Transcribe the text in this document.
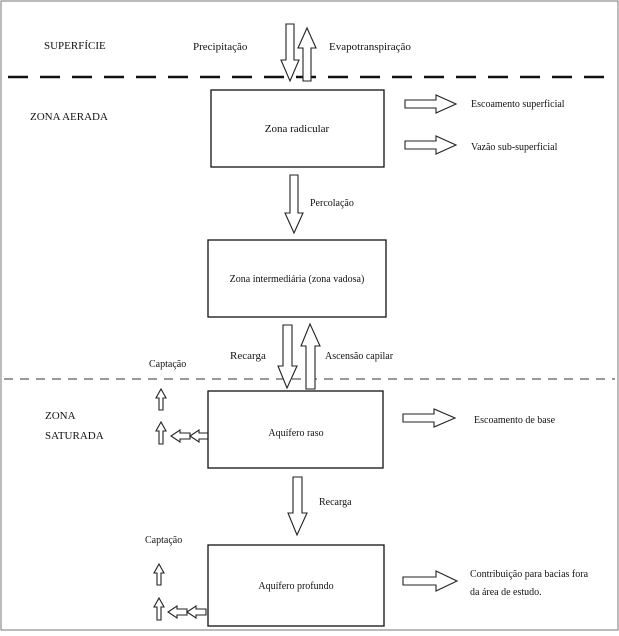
SUPERFÍCIE
ZONA AERADA
ZONA
SATURADA
Precipitação	Evapotranspiração
Zona radicular
Escoamento superficial
Vazão sub-superficial
Percolação
Zona intermediária (zona vadosa)
Recarga	Ascensão capilar
Captação
Aquífero raso
Escoamento de base
Recarga
Captação
Aquífero profundo
Contribuição para bacias fora
da área de estudo.
